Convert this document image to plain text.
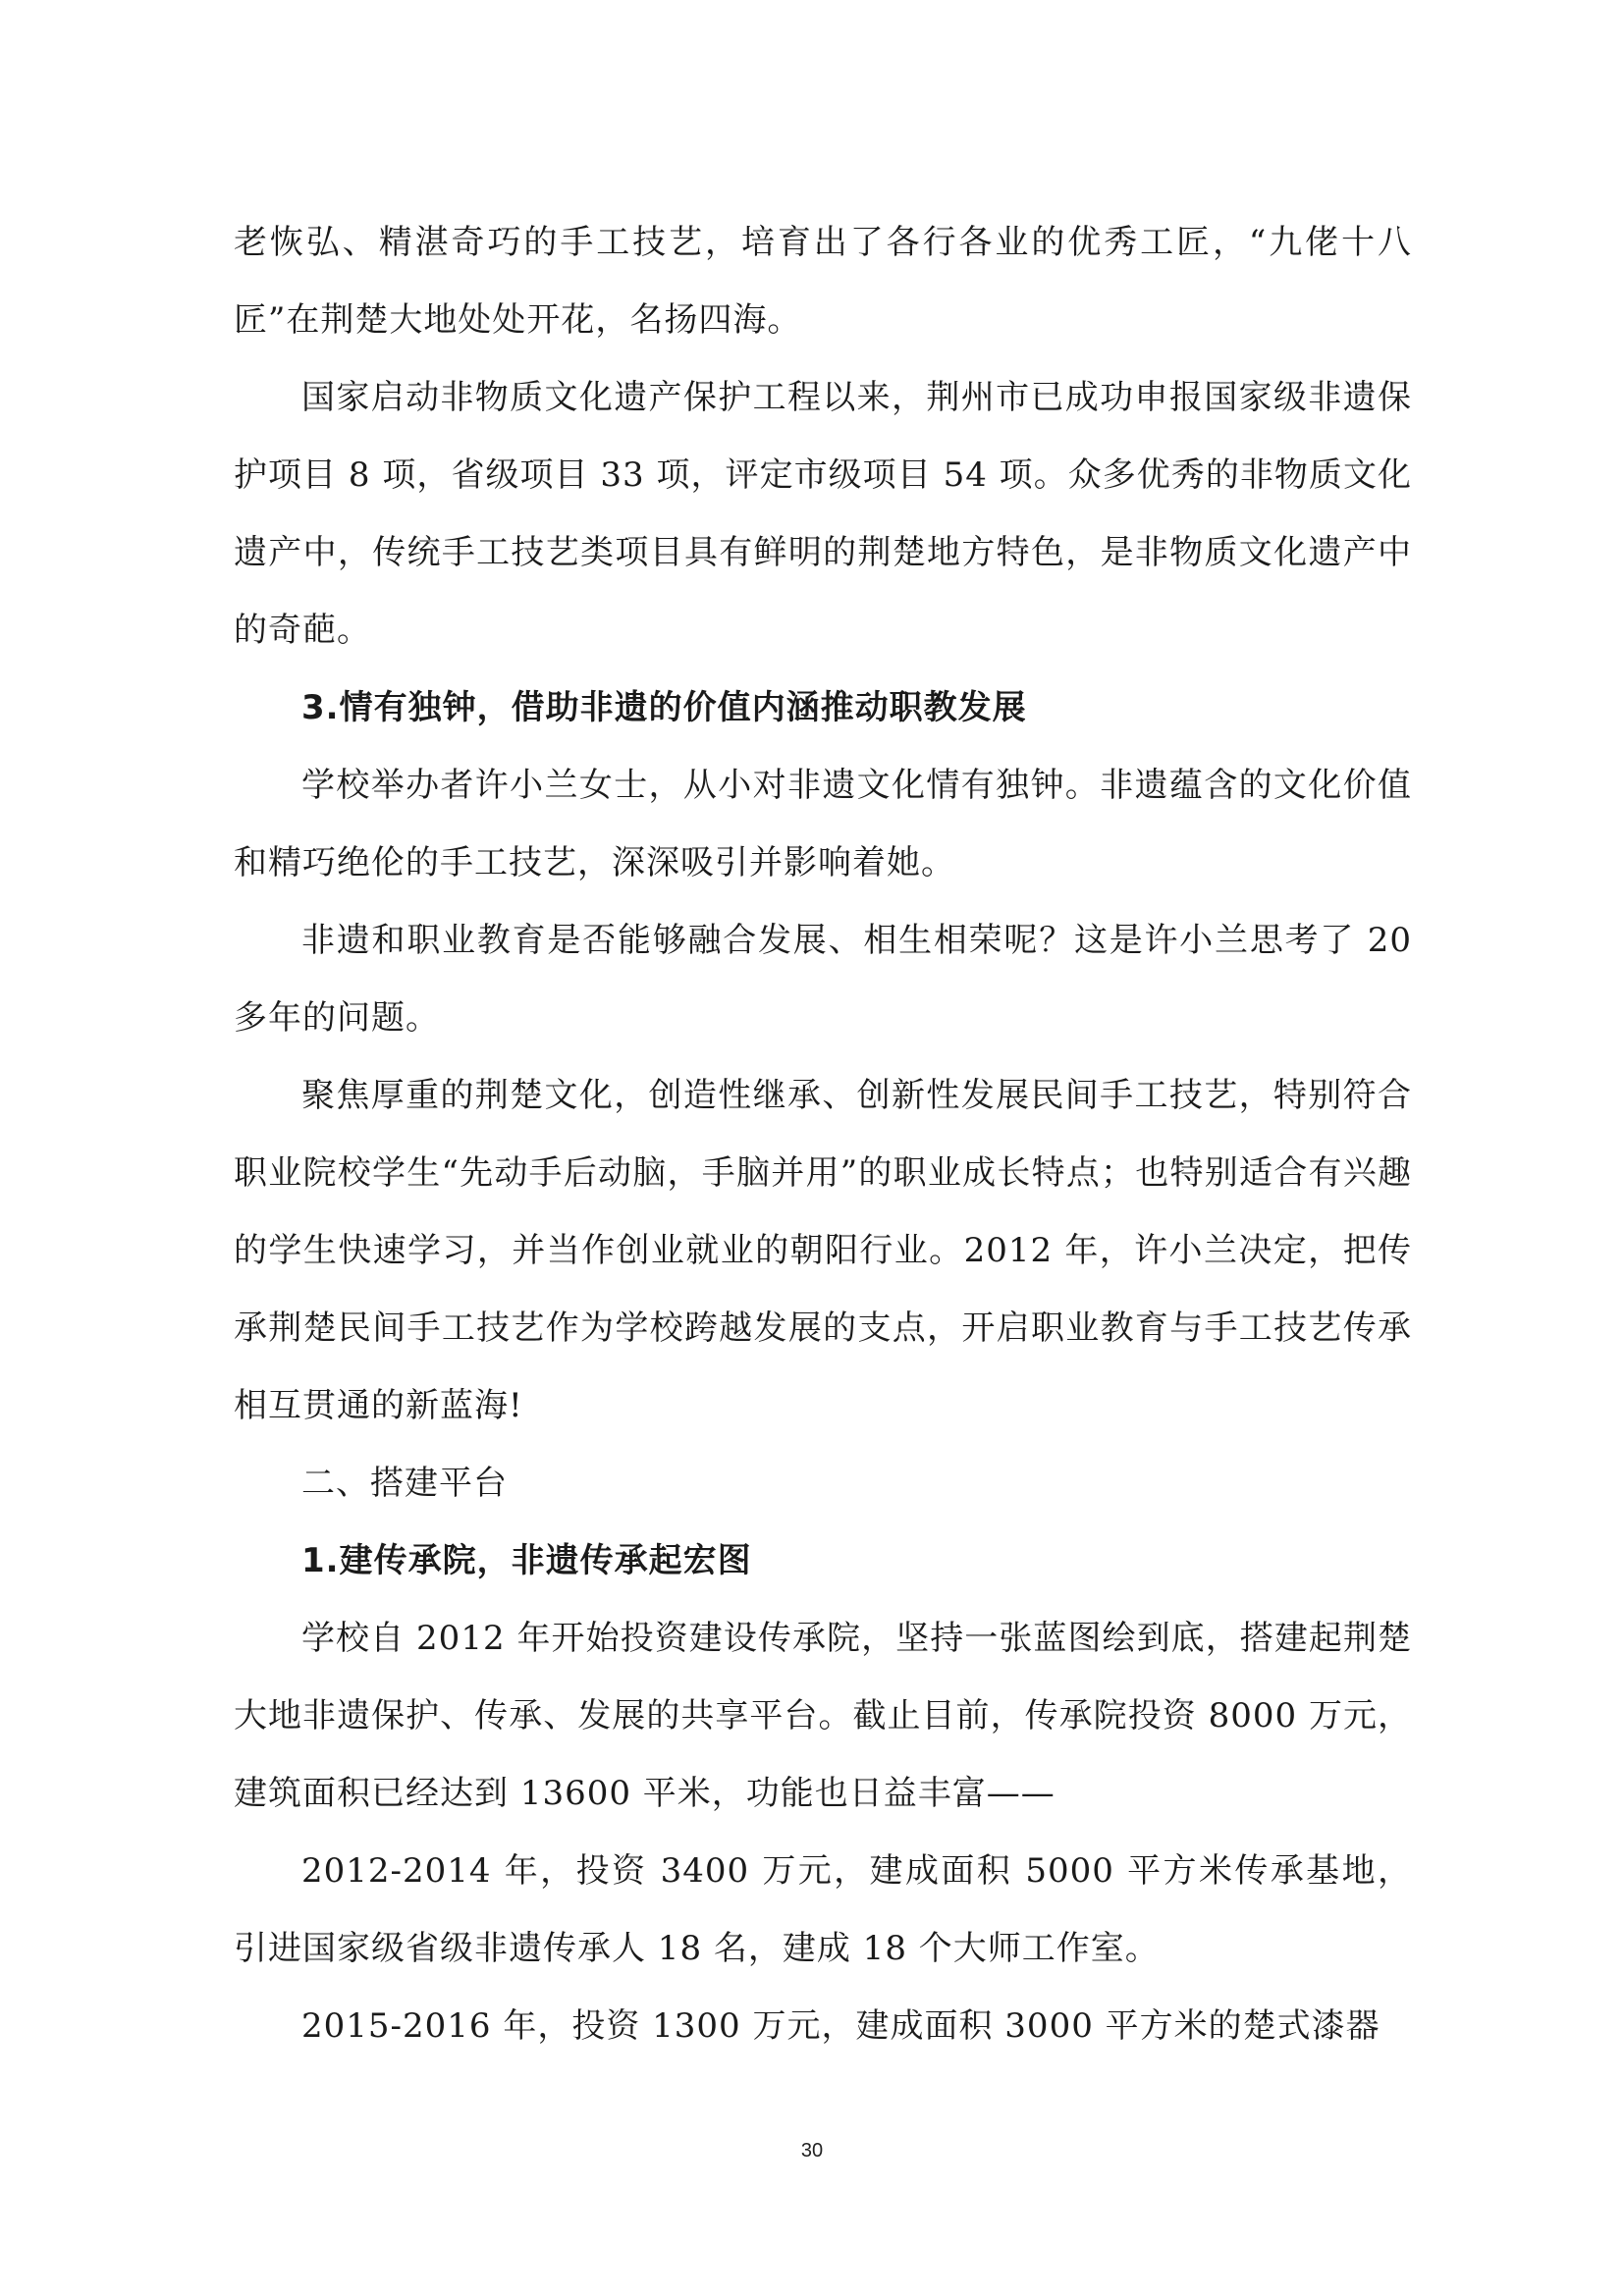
老恢弘、精湛奇巧的手工技艺，培育出了各行各业的优秀工匠，“九佬十八匠”在荆楚大地处处开花，名扬四海。

国家启动非物质文化遗产保护工程以来，荆州市已成功申报国家级非遗保护项目 8 项，省级项目 33 项，评定市级项目 54 项。众多优秀的非物质文化遗产中，传统手工技艺类项目具有鲜明的荆楚地方特色，是非物质文化遗产中的奇葩。

3.情有独钟，借助非遗的价值内涵推动职教发展

学校举办者许小兰女士，从小对非遗文化情有独钟。非遗蕴含的文化价值和精巧绝伦的手工技艺，深深吸引并影响着她。

非遗和职业教育是否能够融合发展、相生相荣呢？这是许小兰思考了 20 多年的问题。

聚焦厚重的荆楚文化，创造性继承、创新性发展民间手工技艺，特别符合职业院校学生“先动手后动脑，手脑并用”的职业成长特点；也特别适合有兴趣的学生快速学习，并当作创业就业的朝阳行业。2012 年，许小兰决定，把传承荆楚民间手工技艺作为学校跨越发展的支点，开启职业教育与手工技艺传承相互贯通的新蓝海!

二、搭建平台

1.建传承院，非遗传承起宏图

学校自 2012 年开始投资建设传承院，坚持一张蓝图绘到底，搭建起荆楚大地非遗保护、传承、发展的共享平台。截止目前，传承院投资 8000 万元，建筑面积已经达到 13600 平米，功能也日益丰富——

2012-2014 年，投资 3400 万元，建成面积 5000 平方米传承基地，引进国家级省级非遗传承人 18 名，建成 18 个大师工作室。

2015-2016 年，投资 1300 万元，建成面积 3000 平方米的楚式漆器

30
